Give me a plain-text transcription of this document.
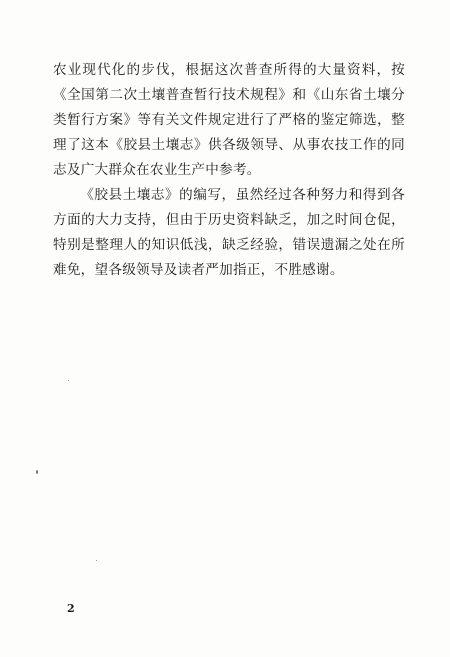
农业现代化的步伐，根据这次普查所得的大量资料，按《全国第二次土壤普查暂行技术规程》和《山东省土壤分类暂行方案》等有关文件规定进行了严格的鉴定筛选，整理了这本《胶县土壤志》供各级领导、从事农技工作的同志及广大群众在农业生产中参考。

《胶县土壤志》的编写，虽然经过各种努力和得到各方面的大力支持，但由于历史资料缺乏，加之时间仓促，特别是整理人的知识低浅，缺乏经验，错误遗漏之处在所难免，望各级领导及读者严加指正，不胜感谢。

2
